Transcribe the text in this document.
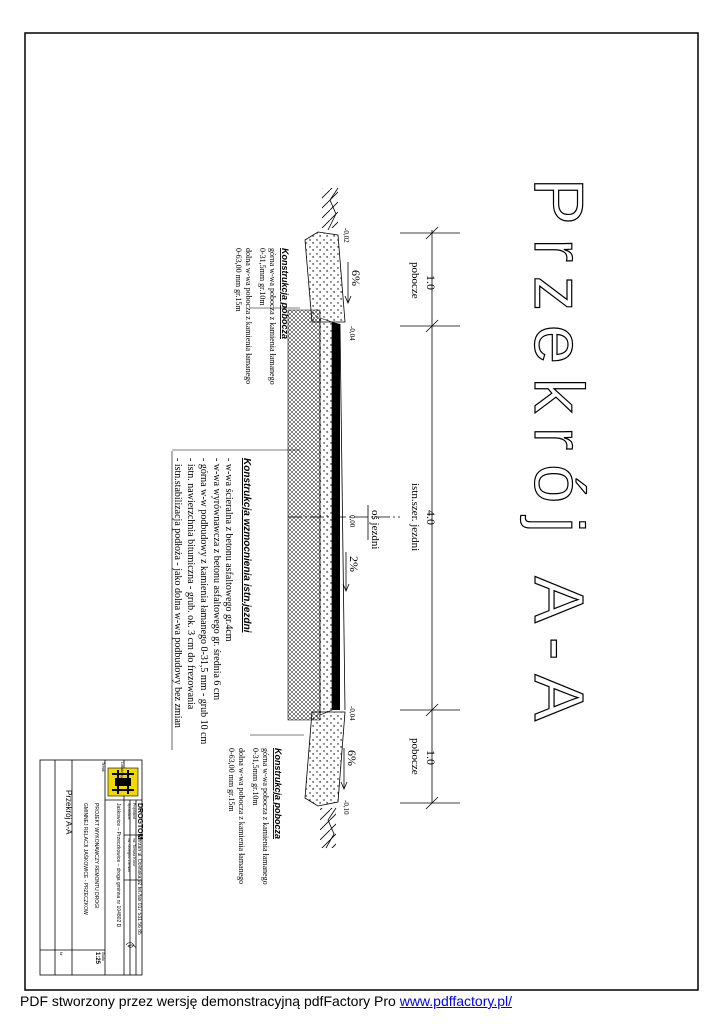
Przekrój A-A
1.0
4.0
1.0
pobocze
istn.szer. jezdni
pobocze
oś jezdni
6%
2%
6%
-0,02
-0,04
0,00
-0,04
-0,10
Konstrukcja pobocza
górna w-wa pobocza z kamienia łamanego
0-31,5mm gr.10m
dolna w-wa pobocza z kamienia łamanego
0-63,00 mm gr.15m
Konstrukcja wzmocnienia istn.jezdni
- w-wa ścieralna z betonu asfaltowego gr.4cm
- w-wa wyrównawcza z betonu asfaltowego gr. średnia 6 cm
- górna w-w podbudowy z kamienia łamanego 0-31,5 mm - grub 10 cm
- istn. nawierzchnia bitumiczna - grub. ok. 3 cm do frezowania
- istn.stabilizacja podłoża - jako dolna w-wa podbudowy bez zmian
Konstrukcja pobocza
górna w-wa pobocza z kamienia łamanego
0-31,5mm gr.10m
dolna w-wa pobocza z kamienia łamanego
0-63,00 mm gr.15m
DROGTOM
Chrzan ul. Dolińska 92 tel./fax 017 531 56 85
Projektant
inż. Tomasz Kocur
Sprawdzał
inż. Grzegorz Ziemian
Lokalizacja
Jaśkowice – Przeczkowice – droga gminna nr 104802 D
Temat
PROJEKT WYKONAWCZY REMONTU DROGI
GMINNEJ RELACJI JAŚKOWICE - PRZECZKOW
Przekrój A-A
Skala
1:25
Nr
PDF stworzony przez wersję demonstracyjną pdfFactory Pro www.pdffactory.pl/
